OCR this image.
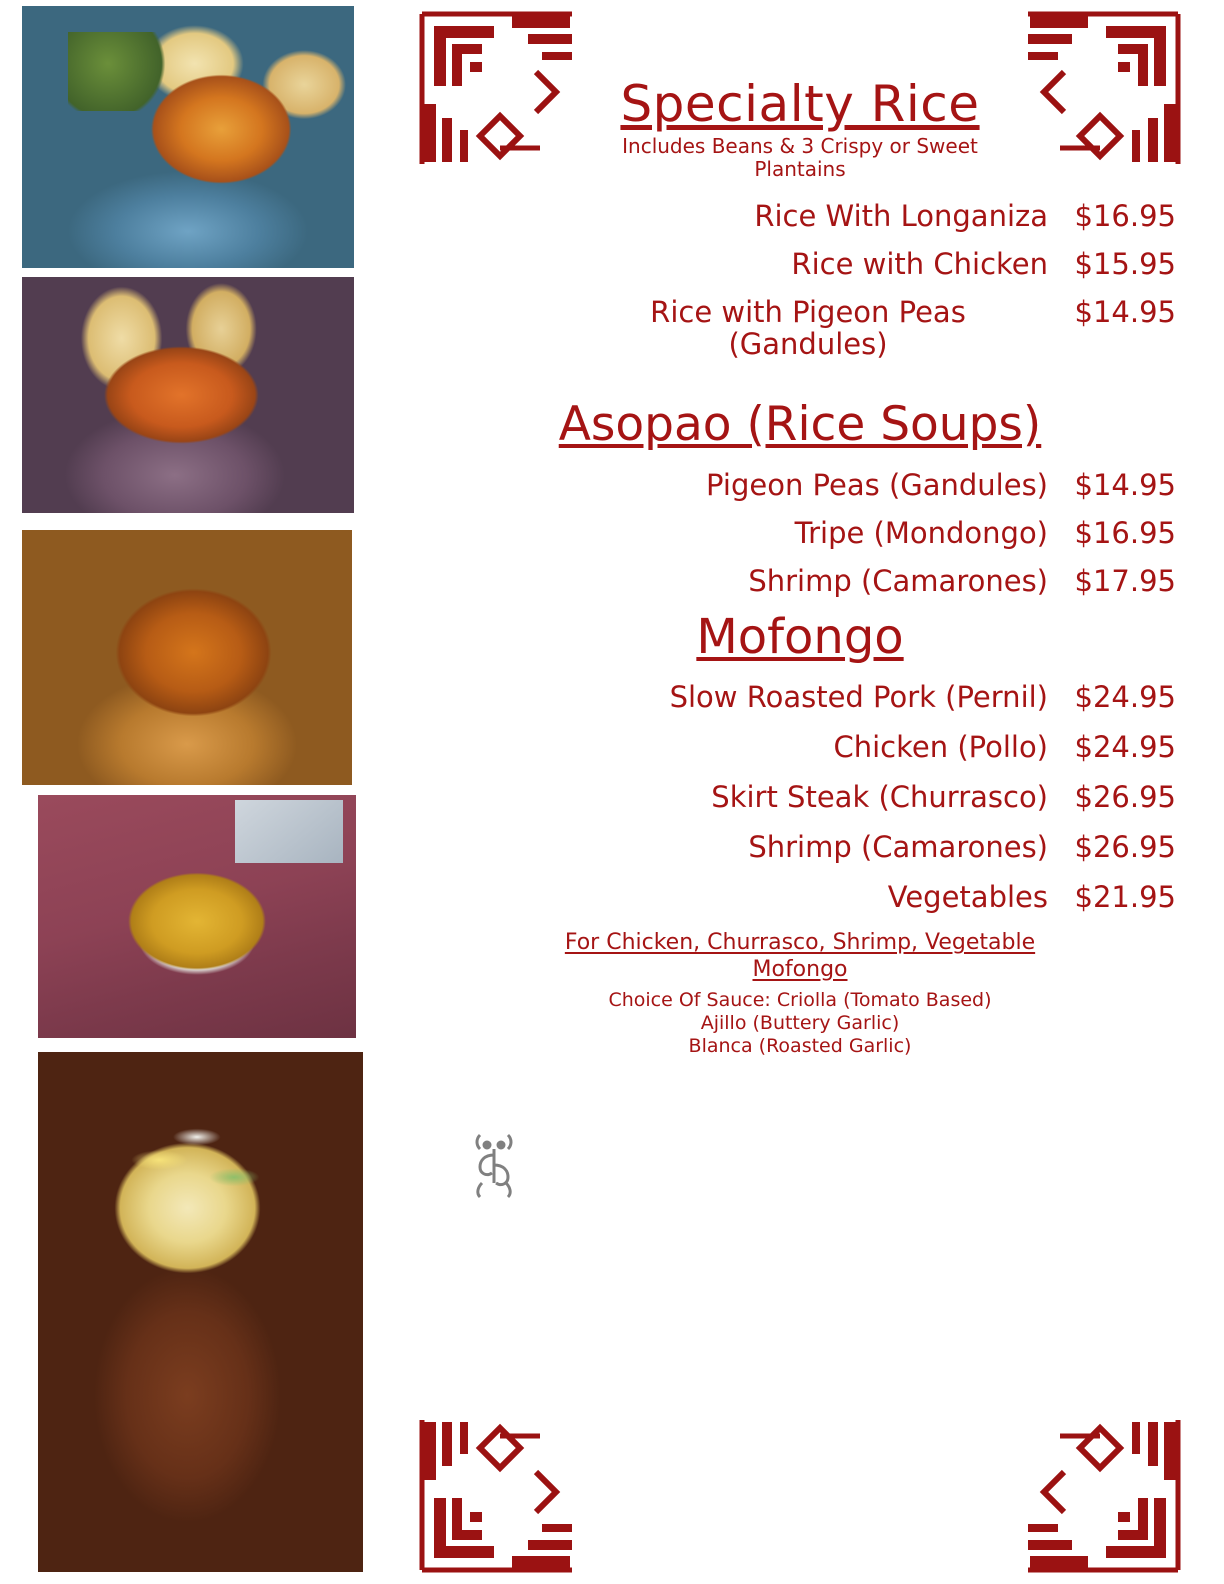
Specialty Rice
Includes Beans & 3 Crispy or Sweet Plantains
Rice With Longaniza $16.95
Rice with Chicken $15.95
Rice with Pigeon Peas (Gandules)
$14.95
Asopao (Rice Soups)
Pigeon Peas (Gandules) $14.95
Tripe (Mondongo) $16.95
Shrimp (Camarones) $17.95
Mofongo
Slow Roasted Pork (Pernil) $24.95
Chicken (Pollo) $24.95
Skirt Steak (Churrasco) $26.95
Shrimp (Camarones) $26.95
Vegetables $21.95
For Chicken, Churrasco, Shrimp, Vegetable Mofongo
Choice Of Sauce: Criolla (Tomato Based)
Ajillo (Buttery Garlic)
Blanca (Roasted Garlic)
